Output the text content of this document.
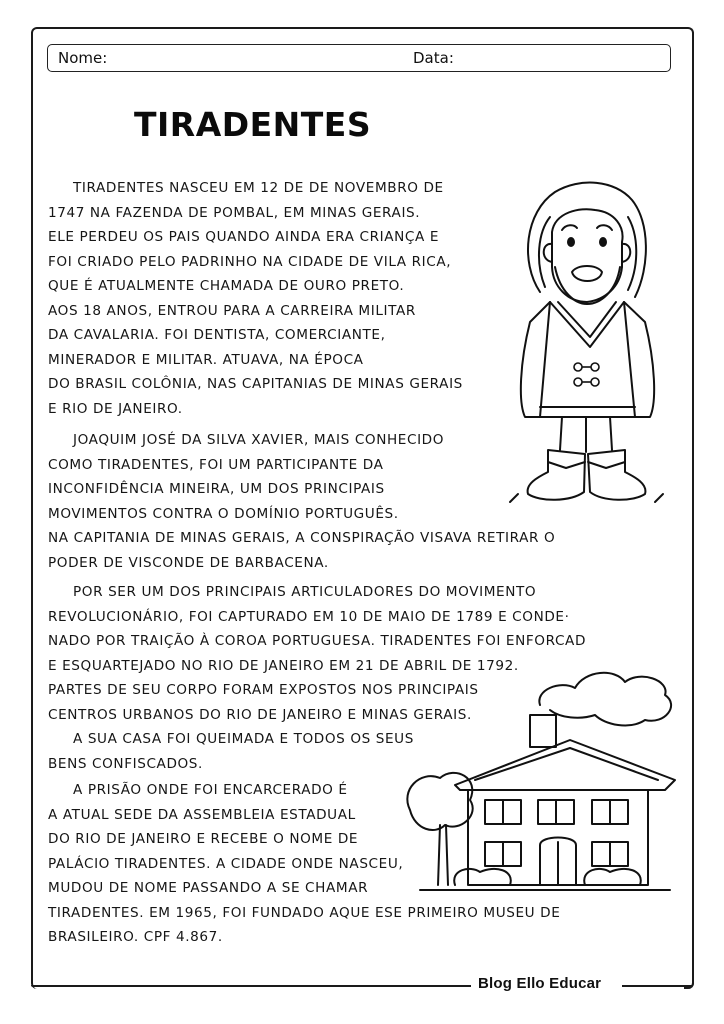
Blog Ello Educar
Nome:	Data:
TIRADENTES
TIRADENTES NASCEU EM 12 DE DE NOVEMBRO DE
1747 NA FAZENDA DE POMBAL, EM MINAS GERAIS.
ELE PERDEU OS PAIS QUANDO AINDA ERA CRIANÇA E
FOI CRIADO PELO PADRINHO NA CIDADE DE VILA RICA,
QUE É ATUALMENTE CHAMADA DE OURO PRETO.
AOS 18 ANOS, ENTROU PARA A CARREIRA MILITAR
DA CAVALARIA. FOI DENTISTA, COMERCIANTE,
MINERADOR E MILITAR. ATUAVA, NA ÉPOCA
DO BRASIL COLÔNIA, NAS CAPITANIAS DE MINAS GERAIS
E RIO DE JANEIRO.
JOAQUIM JOSÉ DA SILVA XAVIER, MAIS CONHECIDO
COMO TIRADENTES, FOI UM PARTICIPANTE DA
INCONFIDÊNCIA MINEIRA, UM DOS PRINCIPAIS
MOVIMENTOS CONTRA O DOMÍNIO PORTUGUÊS.
NA CAPITANIA DE MINAS GERAIS, A CONSPIRAÇÃO VISAVA RETIRAR O
PODER DE VISCONDE DE BARBACENA.
POR SER UM DOS PRINCIPAIS ARTICULADORES DO MOVIMENTO
REVOLUCIONÁRIO, FOI CAPTURADO EM 10 DE MAIO DE 1789 E CONDE·
NADO POR TRAIÇÃO À COROA PORTUGUESA. TIRADENTES FOI ENFORCAD
E ESQUARTEJADO NO RIO DE JANEIRO EM 21 DE ABRIL DE 1792.
PARTES DE SEU CORPO FORAM EXPOSTOS NOS PRINCIPAIS
CENTROS URBANOS DO RIO DE JANEIRO E MINAS GERAIS.
A SUA CASA FOI QUEIMADA E TODOS OS SEUS
BENS CONFISCADOS.
A PRISÃO ONDE FOI ENCARCERADO É
A ATUAL SEDE DA ASSEMBLEIA ESTADUAL
DO RIO DE JANEIRO E RECEBE O NOME DE
PALÁCIO TIRADENTES. A CIDADE ONDE NASCEU,
MUDOU DE NOME PASSANDO A SE CHAMAR
TIRADENTES. EM 1965, FOI FUNDADO AQUE ESE PRIMEIRO MUSEU DE
BRASILEIRO. CPF 4.867.
